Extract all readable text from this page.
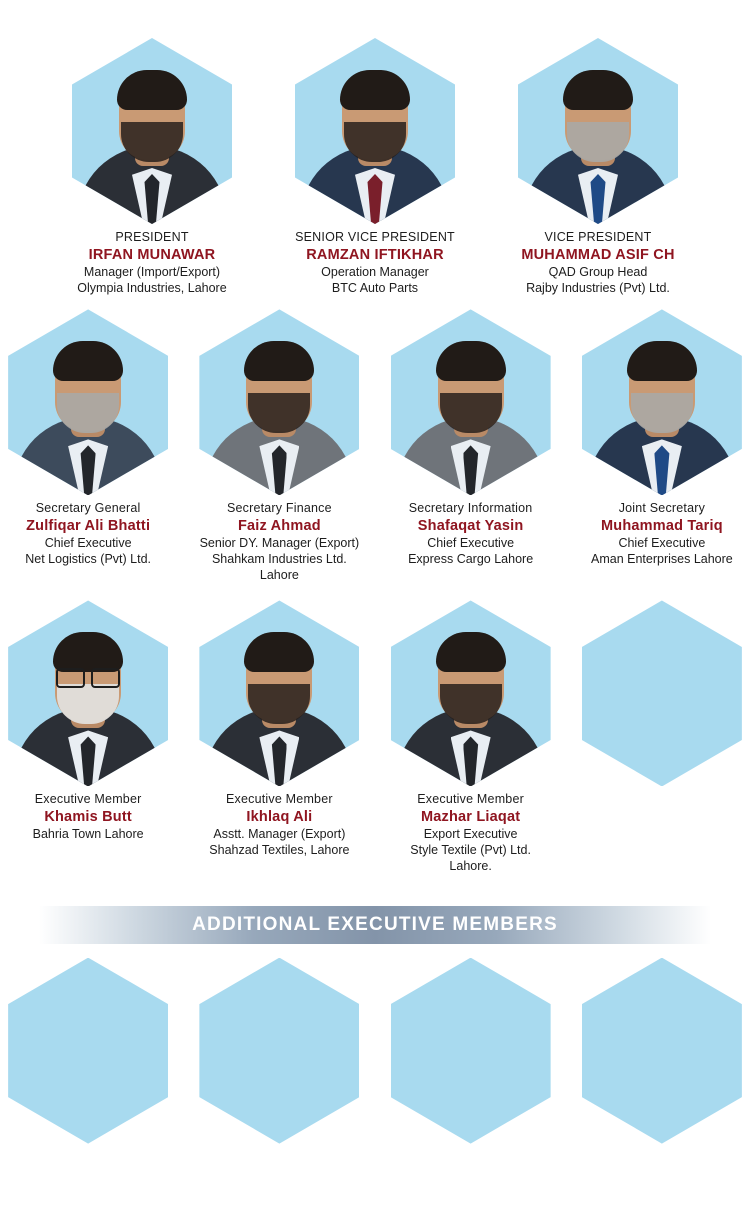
PRESIDENT
IRFAN MUNAWAR
Manager (Import/Export)
Olympia Industries, Lahore
SENIOR VICE PRESIDENT
RAMZAN IFTIKHAR
Operation Manager
BTC Auto Parts
VICE PRESIDENT
MUHAMMAD ASIF CH
QAD Group Head
Rajby Industries (Pvt) Ltd.
Secretary General
Zulfiqar Ali Bhatti
Chief Executive
Net Logistics (Pvt) Ltd.
Secretary Finance
Faiz Ahmad
Senior DY. Manager (Export)
Shahkam Industries Ltd.
Lahore
Secretary Information
Shafaqat Yasin
Chief Executive
Express Cargo Lahore
Joint Secretary
Muhammad Tariq
Chief Executive
Aman Enterprises Lahore
Executive Member
Khamis Butt
Bahria Town Lahore
Executive Member
Ikhlaq Ali
Asstt. Manager (Export)
Shahzad Textiles, Lahore
Executive Member
Mazhar Liaqat
Export Executive
Style Textile (Pvt) Ltd.
Lahore.
ADDITIONAL EXECUTIVE MEMBERS
